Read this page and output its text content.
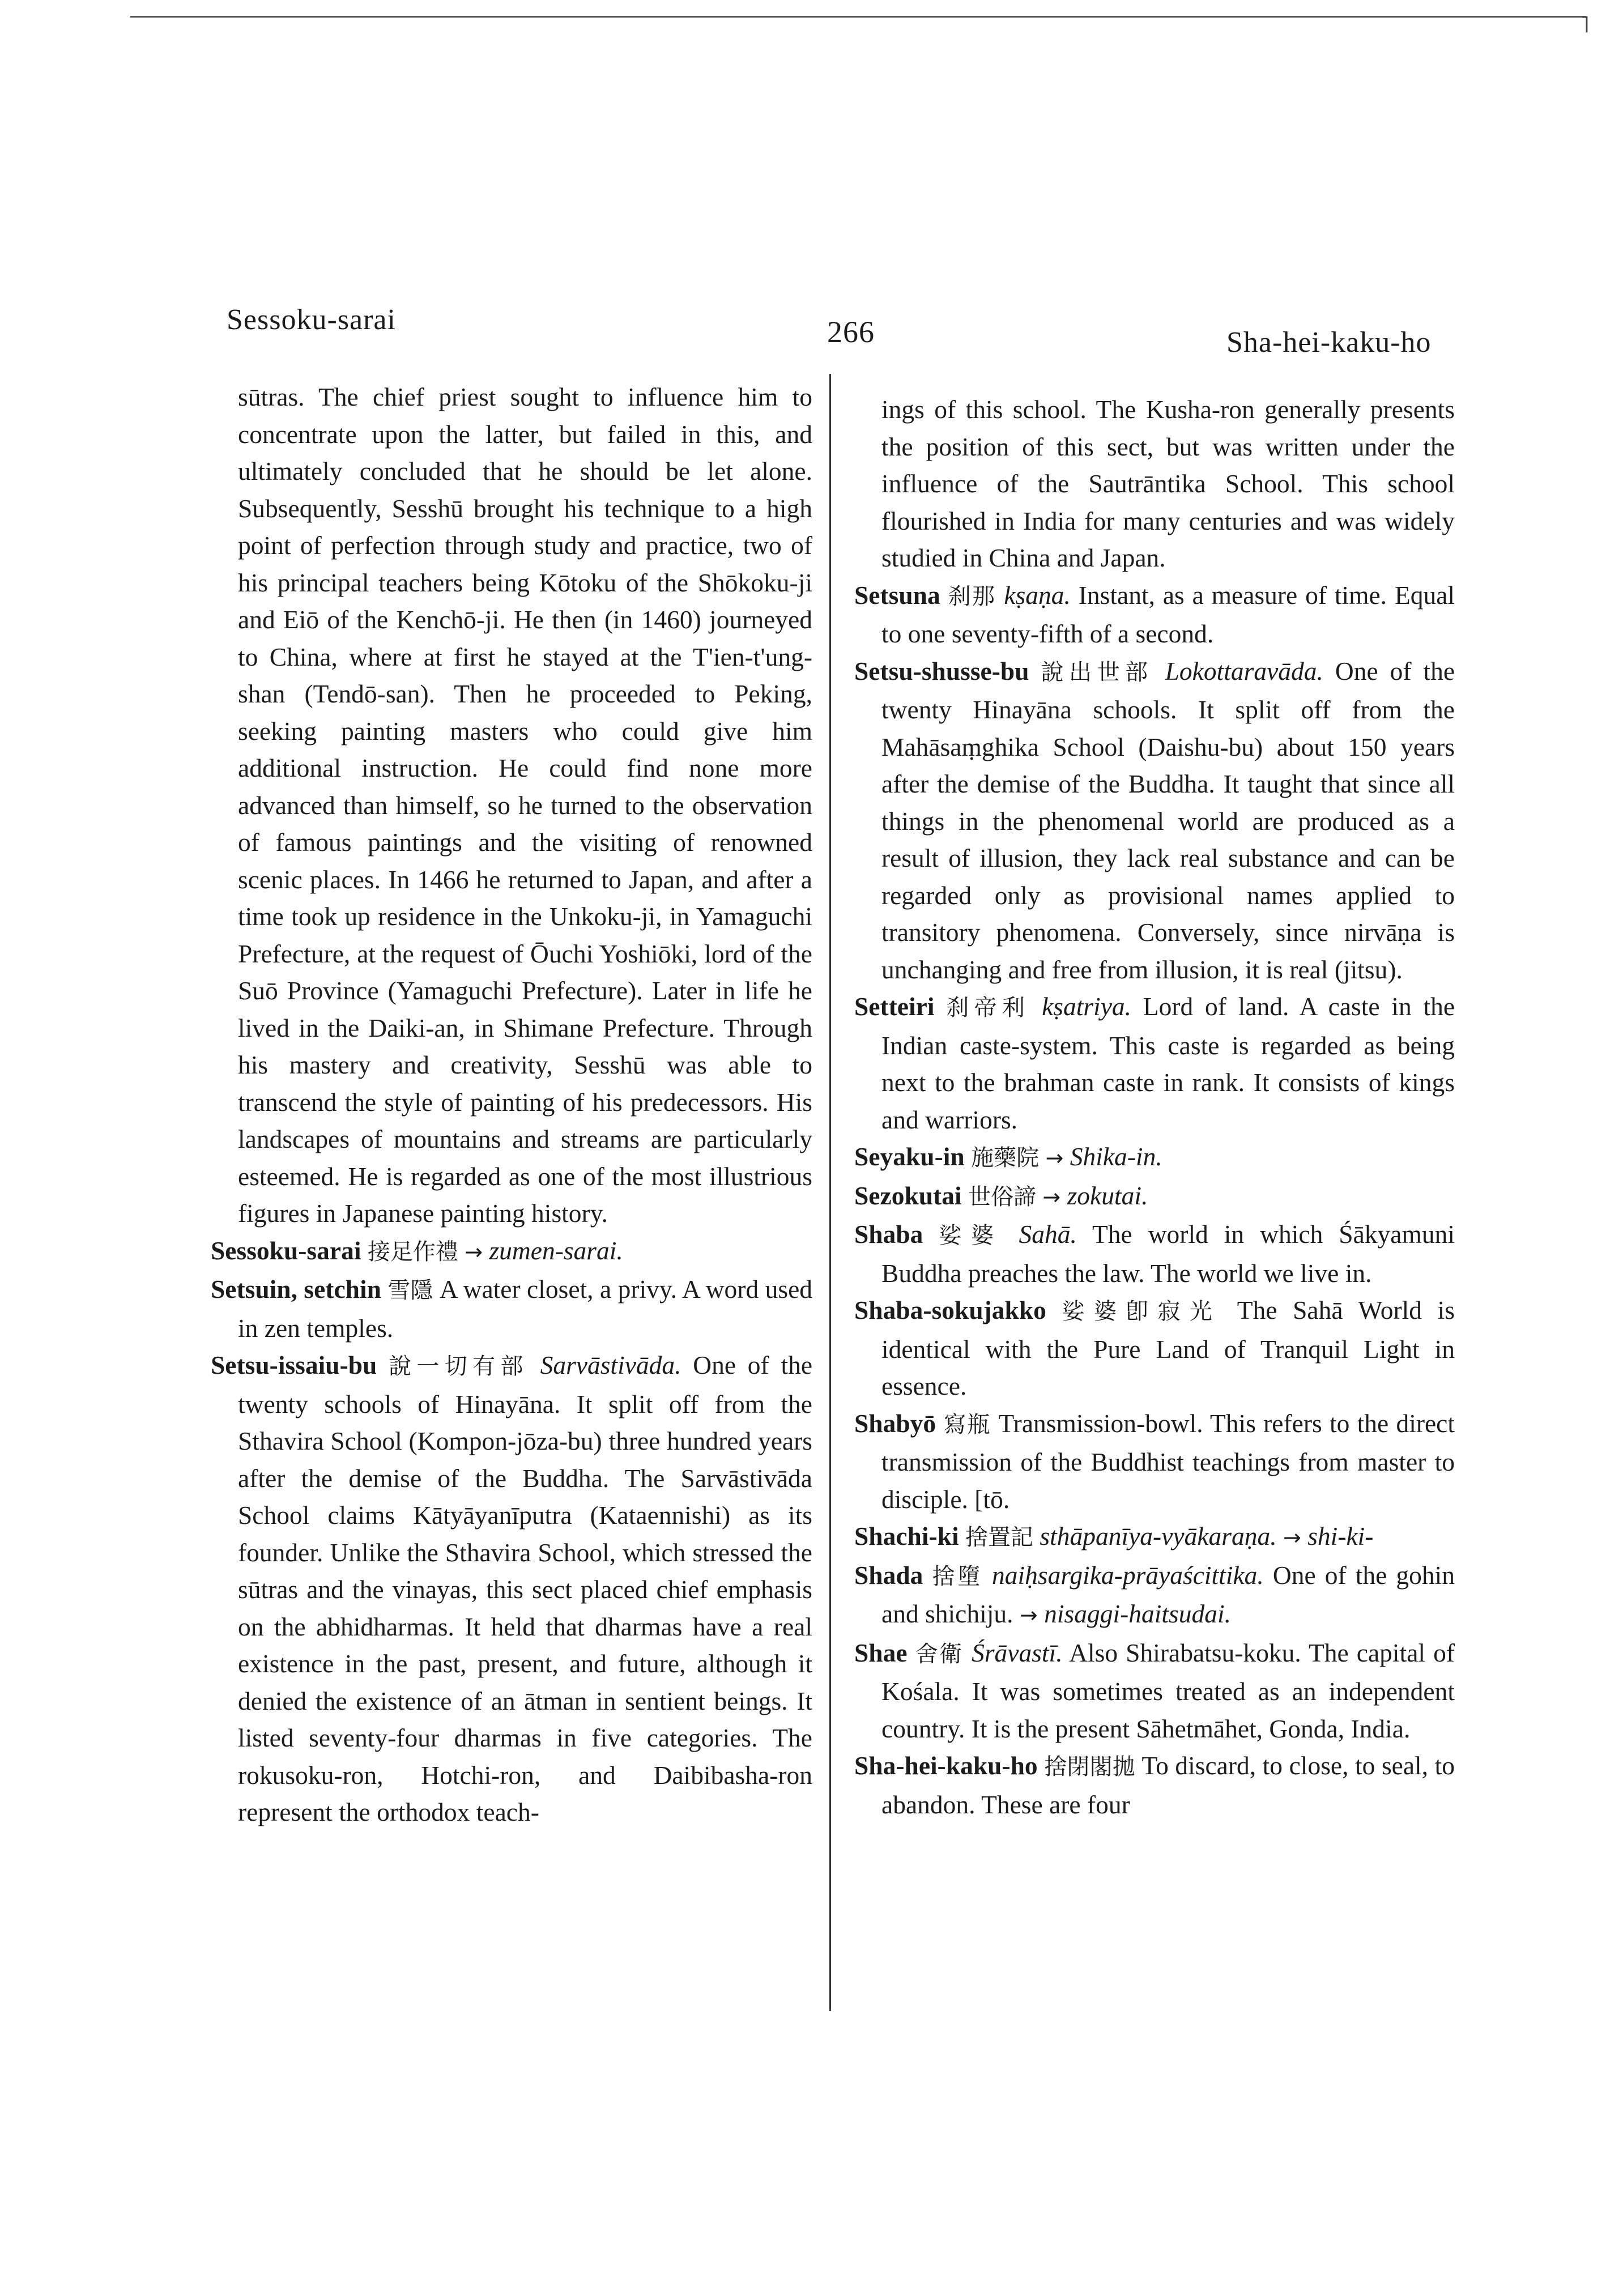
˥
Sessoku-sarai	266	Sha-hei-kaku-ho

sūtras. The chief priest sought to influence him to concentrate upon the latter, but failed in this, and ultimately concluded that he should be let alone. Subsequently, Sesshū brought his technique to a high point of perfection through study and practice, two of his principal teachers being Kōtoku of the Shōkoku-ji and Eiō of the Kenchō-ji. He then (in 1460) journeyed to China, where at first he stayed at the T'ien-t'ung-shan (Tendō-san). Then he proceeded to Peking, seeking painting masters who could give him additional instruction. He could find none more advanced than himself, so he turned to the observation of famous paintings and the visiting of renowned scenic places. In 1466 he returned to Japan, and after a time took up residence in the Unkoku-ji, in Yamaguchi Prefecture, at the request of Ōuchi Yoshiōki, lord of the Suō Province (Yamaguchi Prefecture). Later in life he lived in the Daiki-an, in Shimane Prefecture. Through his mastery and creativity, Sesshū was able to transcend the style of painting of his predecessors. His landscapes of mountains and streams are particularly esteemed. He is regarded as one of the most illustrious figures in Japanese painting history.

Sessoku-sarai 接足作禮 → zumen-sarai.

Setsuin, setchin 雪隱 A water closet, a privy. A word used in zen temples.

Setsu-issaiu-bu 說一切有部 Sarvāstivāda. One of the twenty schools of Hinayāna. It split off from the Sthavira School (Kompon-jōza-bu) three hundred years after the demise of the Buddha. The Sarvāstivāda School claims Kātyāyanīputra (Kataennishi) as its founder. Unlike the Sthavira School, which stressed the sūtras and the vinayas, this sect placed chief emphasis on the abhidharmas. It held that dharmas have a real existence in the past, present, and future, although it denied the existence of an ātman in sentient beings. It listed seventy-four dharmas in five categories. The rokusoku-ron, Hotchi-ron, and Daibibasha-ron represent the orthodox teach-

ings of this school. The Kusha-ron generally presents the position of this sect, but was written under the influence of the Sautrāntika School. This school flourished in India for many centuries and was widely studied in China and Japan.

Setsuna 刹那 kṣaṇa. Instant, as a measure of time. Equal to one seventy-fifth of a second.

Setsu-shusse-bu 說出世部 Lokottaravāda. One of the twenty Hinayāna schools. It split off from the Mahāsaṃghika School (Daishu-bu) about 150 years after the demise of the Buddha. It taught that since all things in the phenomenal world are produced as a result of illusion, they lack real substance and can be regarded only as provisional names applied to transitory phenomena. Conversely, since nirvāṇa is unchanging and free from illusion, it is real (jitsu).

Setteiri 刹帝利 kṣatriya. Lord of land. A caste in the Indian caste-system. This caste is regarded as being next to the brahman caste in rank. It consists of kings and warriors.

Seyaku-in 施藥院 → Shika-in.

Sezokutai 世俗諦 → zokutai.

Shaba 娑婆 Sahā. The world in which Śākyamuni Buddha preaches the law. The world we live in.

Shaba-sokujakko 娑婆卽寂光 The Sahā World is identical with the Pure Land of Tranquil Light in essence.

Shabyō 寫瓶 Transmission-bowl. This refers to the direct transmission of the Buddhist teachings from master to disciple. [tō.

Shachi-ki 捨置記 sthāpanīya-vyākaraṇa. → shi-ki-

Shada 捨墮 naiḥsargika-prāyaścittika. One of the gohin and shichiju. → nisaggi-haitsudai.

Shae 舍衛 Śrāvastī. Also Shirabatsu-koku. The capital of Kośala. It was sometimes treated as an independent country. It is the present Sāhetmāhet, Gonda, India.

Sha-hei-kaku-ho 捨閉閣拋 To discard, to close, to seal, to abandon. These are four
